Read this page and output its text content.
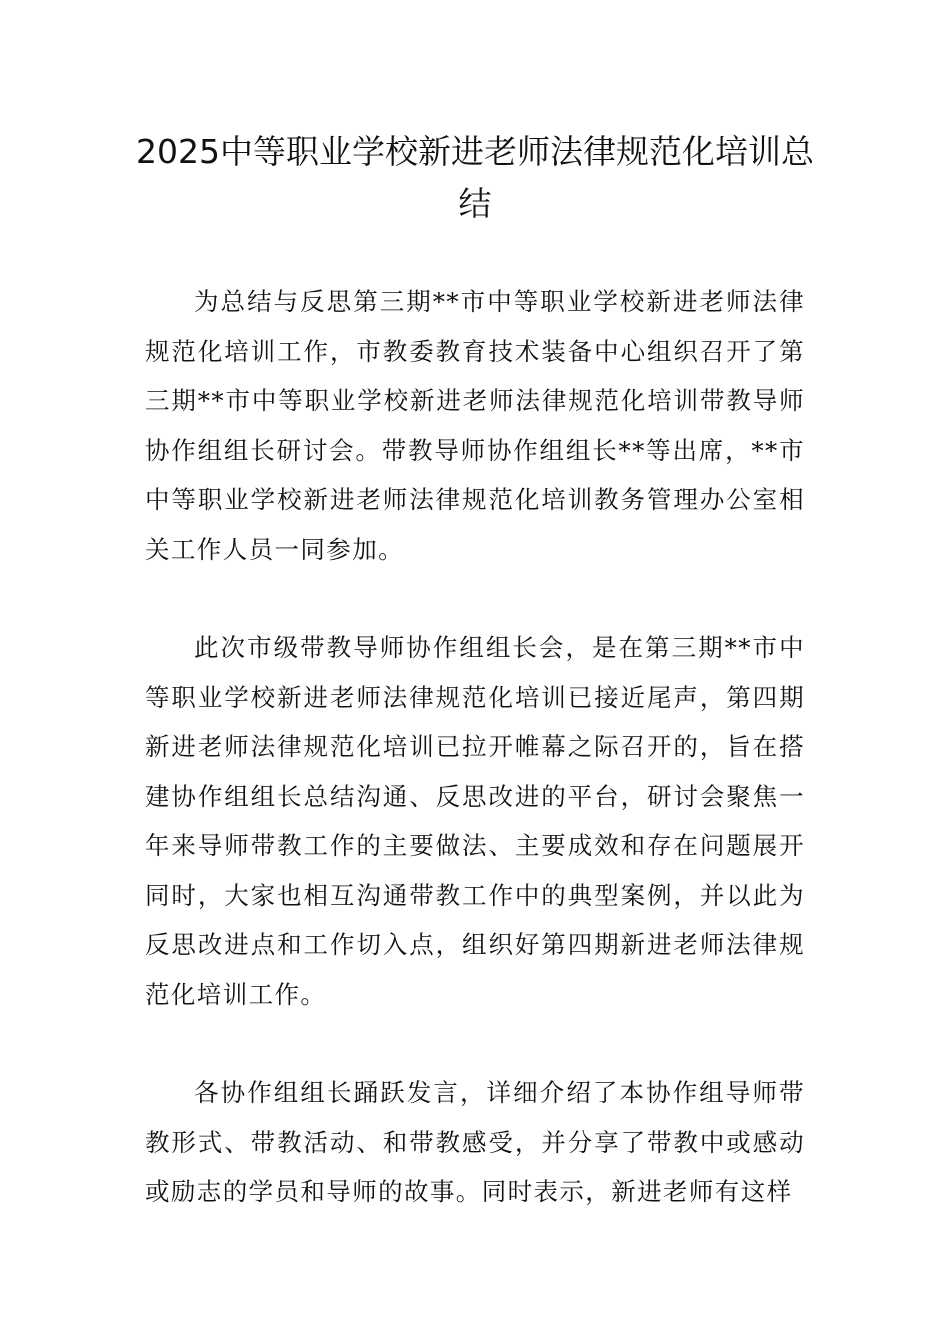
2025中等职业学校新进老师法律规范化培训总结

为总结与反思第三期**市中等职业学校新进老师法律规范化培训工作，市教委教育技术装备中心组织召开了第三期**市中等职业学校新进老师法律规范化培训带教导师协作组组长研讨会。带教导师协作组组长**等出席，**市中等职业学校新进老师法律规范化培训教务管理办公室相关工作人员一同参加。

此次市级带教导师协作组组长会，是在第三期**市中等职业学校新进老师法律规范化培训已接近尾声，第四期新进老师法律规范化培训已拉开帷幕之际召开的，旨在搭建协作组组长总结沟通、反思改进的平台，研讨会聚焦一年来导师带教工作的主要做法、主要成效和存在问题展开同时，大家也相互沟通带教工作中的典型案例，并以此为反思改进点和工作切入点，组织好第四期新进老师法律规范化培训工作。

各协作组组长踊跃发言，详细介绍了本协作组导师带教形式、带教活动、和带教感受，并分享了带教中或感动或励志的学员和导师的故事。同时表示，新进老师有这样
